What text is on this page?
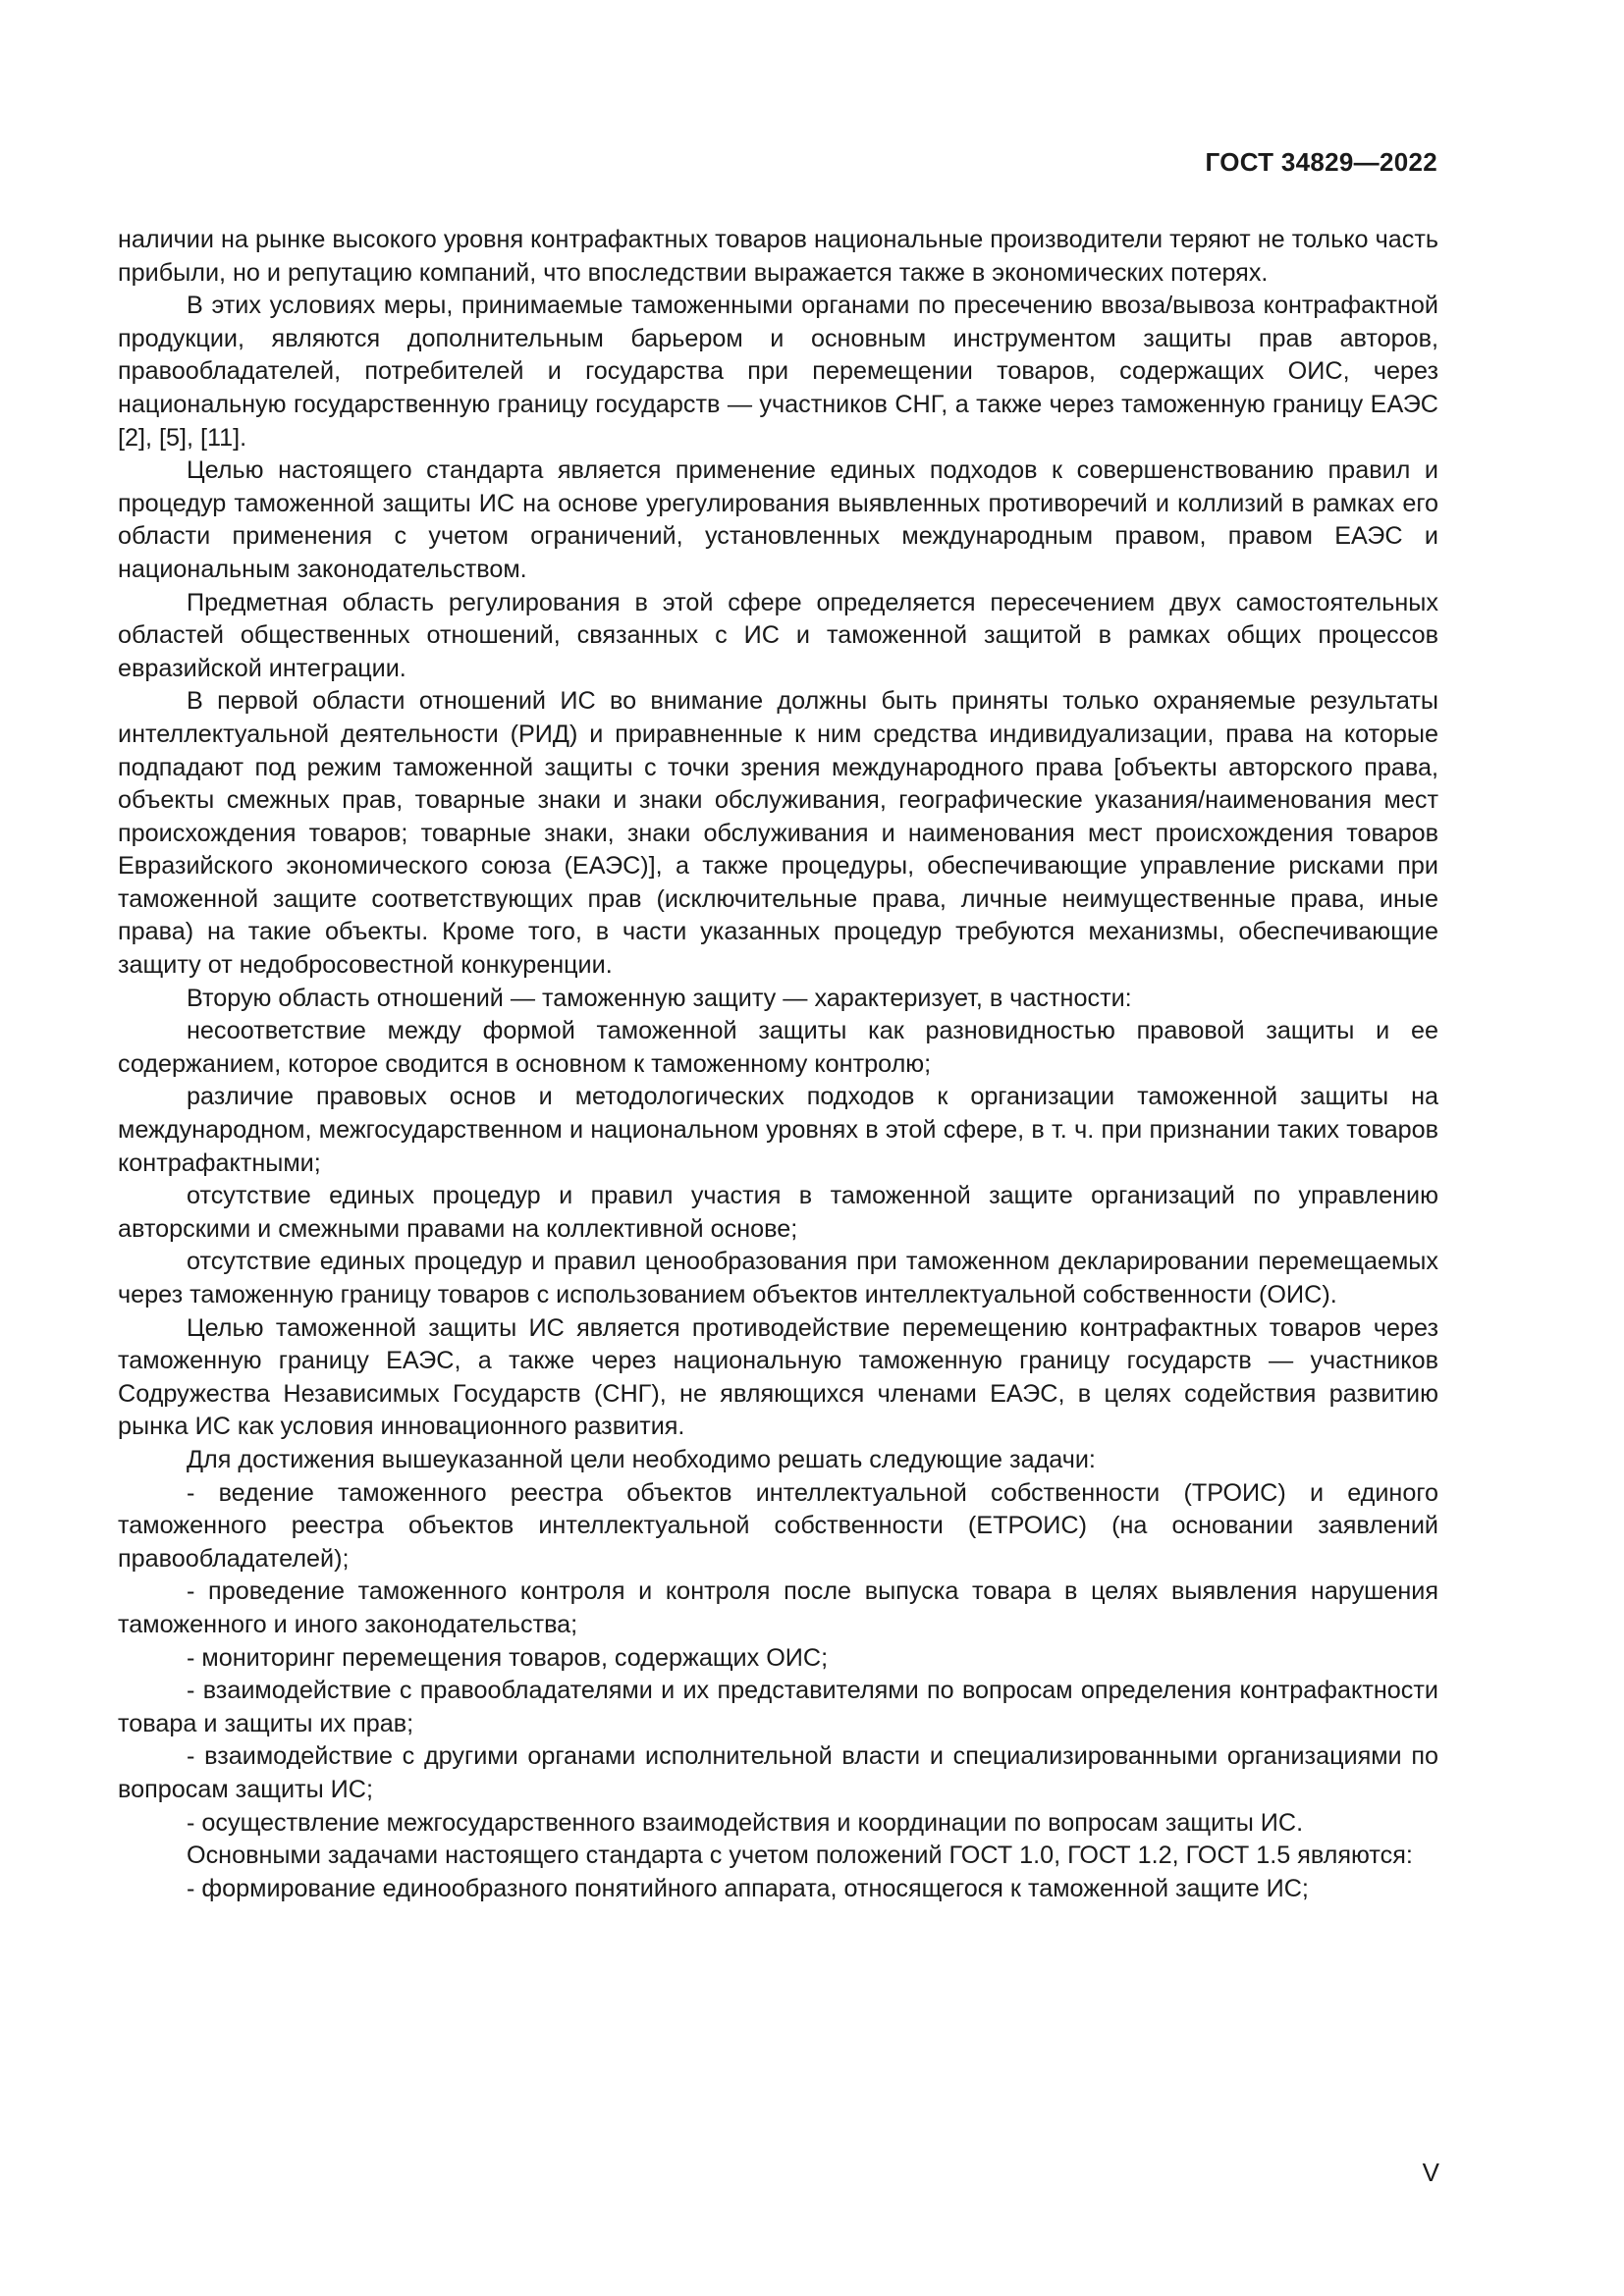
ГОСТ 34829—2022

наличии на рынке высокого уровня контрафактных товаров национальные производители теряют не только часть прибыли, но и репутацию компаний, что впоследствии выражается также в экономических потерях.

В этих условиях меры, принимаемые таможенными органами по пресечению ввоза/вывоза контрафактной продукции, являются дополнительным барьером и основным инструментом защиты прав авторов, правообладателей, потребителей и государства при перемещении товаров, содержащих ОИС, через национальную государственную границу государств — участников СНГ, а также через таможенную границу ЕАЭС [2], [5], [11].

Целью настоящего стандарта является применение единых подходов к совершенствованию правил и процедур таможенной защиты ИС на основе урегулирования выявленных противоречий и коллизий в рамках его области применения с учетом ограничений, установленных международным правом, правом ЕАЭС и национальным законодательством.

Предметная область регулирования в этой сфере определяется пересечением двух самостоятельных областей общественных отношений, связанных с ИС и таможенной защитой в рамках общих процессов евразийской интеграции.

В первой области отношений ИС во внимание должны быть приняты только охраняемые результаты интеллектуальной деятельности (РИД) и приравненные к ним средства индивидуализации, права на которые подпадают под режим таможенной защиты с точки зрения международного права [объекты авторского права, объекты смежных прав, товарные знаки и знаки обслуживания, географические указания/наименования мест происхождения товаров; товарные знаки, знаки обслуживания и наименования мест происхождения товаров Евразийского экономического союза (ЕАЭС)], а также процедуры, обеспечивающие управление рисками при таможенной защите соответствующих прав (исключительные права, личные неимущественные права, иные права) на такие объекты. Кроме того, в части указанных процедур требуются механизмы, обеспечивающие защиту от недобросовестной конкуренции.

Вторую область отношений — таможенную защиту — характеризует, в частности:

несоответствие между формой таможенной защиты как разновидностью правовой защиты и ее содержанием, которое сводится в основном к таможенному контролю;

различие правовых основ и методологических подходов к организации таможенной защиты на международном, межгосударственном и национальном уровнях в этой сфере, в т. ч. при признании таких товаров контрафактными;

отсутствие единых процедур и правил участия в таможенной защите организаций по управлению авторскими и смежными правами на коллективной основе;

отсутствие единых процедур и правил ценообразования при таможенном декларировании перемещаемых через таможенную границу товаров с использованием объектов интеллектуальной собственности (ОИС).

Целью таможенной защиты ИС является противодействие перемещению контрафактных товаров через таможенную границу ЕАЭС, а также через национальную таможенную границу государств — участников Содружества Независимых Государств (СНГ), не являющихся членами ЕАЭС, в целях содействия развитию рынка ИС как условия инновационного развития.

Для достижения вышеуказанной цели необходимо решать следующие задачи:

- ведение таможенного реестра объектов интеллектуальной собственности (ТРОИС) и единого таможенного реестра объектов интеллектуальной собственности (ЕТРОИС) (на основании заявлений правообладателей);

- проведение таможенного контроля и контроля после выпуска товара в целях выявления нарушения таможенного и иного законодательства;

- мониторинг перемещения товаров, содержащих ОИС;

- взаимодействие с правообладателями и их представителями по вопросам определения контрафактности товара и защиты их прав;

- взаимодействие с другими органами исполнительной власти и специализированными организациями по вопросам защиты ИС;

- осуществление межгосударственного взаимодействия и координации по вопросам защиты ИС.

Основными задачами настоящего стандарта с учетом положений ГОСТ 1.0, ГОСТ 1.2, ГОСТ 1.5 являются:

- формирование единообразного понятийного аппарата, относящегося к таможенной защите ИС;

V
